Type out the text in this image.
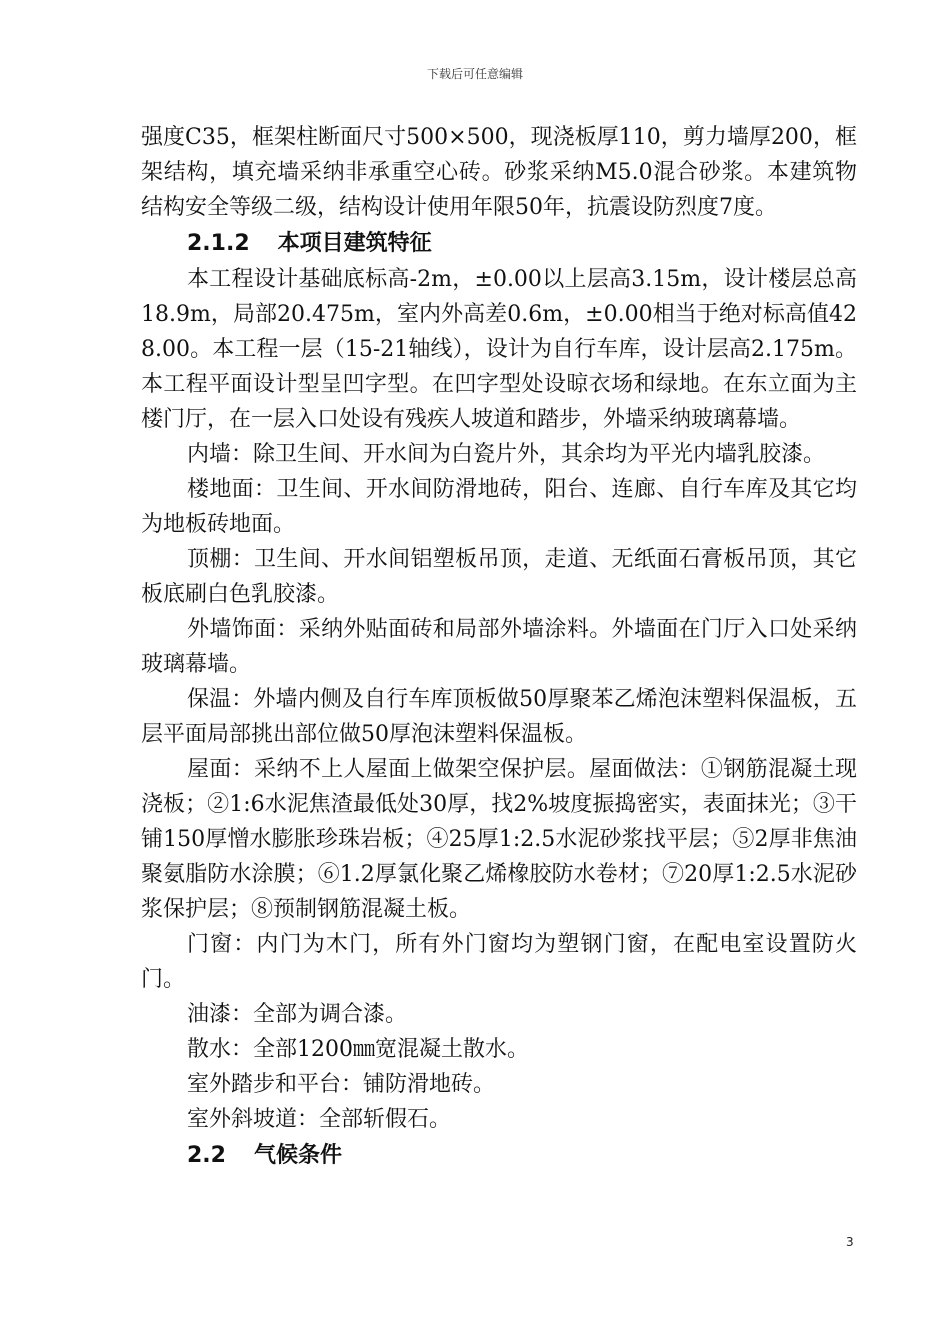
下载后可任意编辑

强度C35，框架柱断面尺寸500×500，现浇板厚110，剪力墙厚200，框架结构，填充墙采纳非承重空心砖。砂浆采纳M5.0混合砂浆。本建筑物结构安全等级二级，结构设计使用年限50年，抗震设防烈度7度。

2.1.2 本项目建筑特征

本工程设计基础底标高-2m，±0.00以上层高3.15m，设计楼层总高18.9m，局部20.475m，室内外高差0.6m，±0.00相当于绝对标高值428.00。本工程一层（15-21轴线），设计为自行车库，设计层高2.175m。本工程平面设计型呈凹字型。在凹字型处设晾衣场和绿地。在东立面为主楼门厅，在一层入口处设有残疾人坡道和踏步，外墙采纳玻璃幕墙。

内墙：除卫生间、开水间为白瓷片外，其余均为平光内墙乳胶漆。

楼地面：卫生间、开水间防滑地砖，阳台、连廊、自行车库及其它均为地板砖地面。

顶棚：卫生间、开水间铝塑板吊顶，走道、无纸面石膏板吊顶，其它板底刷白色乳胶漆。

外墙饰面：采纳外贴面砖和局部外墙涂料。外墙面在门厅入口处采纳玻璃幕墙。

保温：外墙内侧及自行车库顶板做50厚聚苯乙烯泡沫塑料保温板，五层平面局部挑出部位做50厚泡沫塑料保温板。

屋面：采纳不上人屋面上做架空保护层。屋面做法：①钢筋混凝土现浇板；②1:6水泥焦渣最低处30厚，找2%坡度振捣密实，表面抹光；③干铺150厚憎水膨胀珍珠岩板；④25厚1:2.5水泥砂浆找平层；⑤2厚非焦油聚氨脂防水涂膜；⑥1.2厚氯化聚乙烯橡胶防水卷材；⑦20厚1:2.5水泥砂浆保护层；⑧预制钢筋混凝土板。

门窗：内门为木门，所有外门窗均为塑钢门窗，在配电室设置防火门。

油漆：全部为调合漆。

散水：全部1200㎜宽混凝土散水。

室外踏步和平台：铺防滑地砖。

室外斜坡道：全部斩假石。

2.2 气候条件
3
